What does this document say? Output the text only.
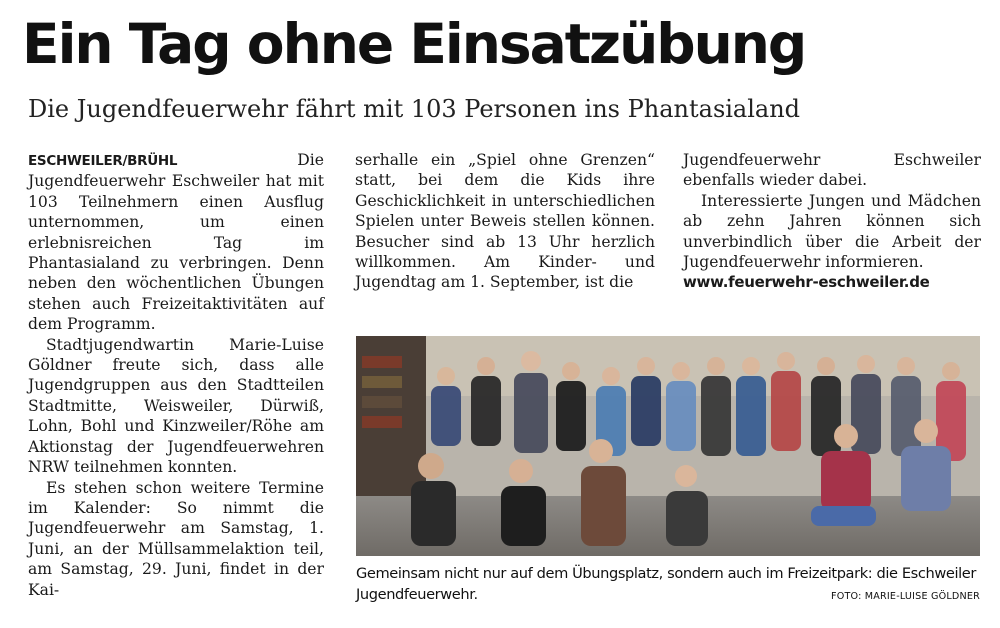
Ein Tag ohne Einsatzübung
Die Jugendfeuerwehr fährt mit 103 Personen ins Phantasialand

ESCHWEILER/BRÜHL	Die Jugendfeuerwehr Eschweiler hat mit 103 Teilnehmern einen Ausflug unternommen, um einen erlebnisreichen Tag im Phantasialand zu verbringen. Denn neben den wöchentlichen Übungen stehen auch Freizeitaktivitäten auf dem Programm.

Stadtjugendwartin Marie-Luise Göldner freute sich, dass alle Jugendgruppen aus den Stadtteilen Stadtmitte, Weisweiler, Dürwiß, Lohn, Bohl und Kinzweiler/Röhe am Aktionstag der Jugendfeuerwehren NRW teilnehmen konnten.

Es stehen schon weitere Termine im Kalender: So nimmt die Jugendfeuerwehr am Samstag, 1. Juni, an der Müllsammelaktion teil, am Samstag, 29. Juni, findet in der Kai-

serhalle ein „Spiel ohne Grenzen“ statt, bei dem die Kids ihre Geschicklichkeit in unterschiedlichen Spielen unter Beweis stellen können. Besucher sind ab 13 Uhr herzlich willkommen. Am Kinder- und Jugendtag am 1. September, ist die

Jugendfeuerwehr Eschweiler ebenfalls wieder dabei.

Interessierte Jungen und Mädchen ab zehn Jahren können sich unverbindlich über die Arbeit der Jugendfeuerwehr informieren.

www.feuerwehr-eschweiler.de

Gemeinsam nicht nur auf dem Übungsplatz, sondern auch im Freizeitpark: die Eschweiler Jugendfeuerwehr.	FOTO: MARIE-LUISE GÖLDNER
